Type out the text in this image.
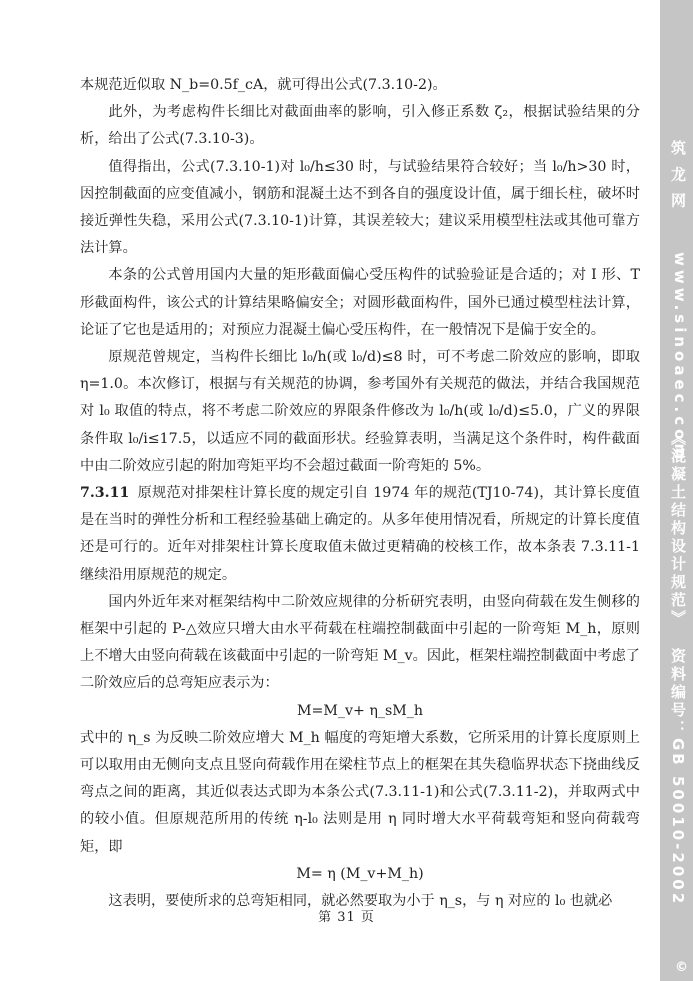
本规范近似取 N_b=0.5f_cA，就可得出公式(7.3.10-2)。

此外，为考虑构件长细比对截面曲率的影响，引入修正系数 ζ₂，根据试验结果的分析，给出了公式(7.3.10-3)。

值得指出，公式(7.3.10-1)对 l₀/h≤30 时，与试验结果符合较好；当 l₀/h>30 时，因控制截面的应变值减小，钢筋和混凝土达不到各自的强度设计值，属于细长柱，破坏时接近弹性失稳，采用公式(7.3.10-1)计算，其误差较大；建议采用模型柱法或其他可靠方法计算。

本条的公式曾用国内大量的矩形截面偏心受压构件的试验验证是合适的；对 I 形、T 形截面构件，该公式的计算结果略偏安全；对圆形截面构件，国外已通过模型柱法计算，论证了它也是适用的；对预应力混凝土偏心受压构件，在一般情况下是偏于安全的。

原规范曾规定，当构件长细比 l₀/h(或 l₀/d)≤8 时，可不考虑二阶效应的影响，即取 η=1.0。本次修订，根据与有关规范的协调，参考国外有关规范的做法，并结合我国规范对 l₀ 取值的特点，将不考虑二阶效应的界限条件修改为 l₀/h(或 l₀/d)≤5.0，广义的界限条件取 l₀/i≤17.5，以适应不同的截面形状。经验算表明，当满足这个条件时，构件截面中由二阶效应引起的附加弯矩平均不会超过截面一阶弯矩的 5%。

7.3.11 原规范对排架柱计算长度的规定引自 1974 年的规范(TJ10-74)，其计算长度值是在当时的弹性分析和工程经验基础上确定的。从多年使用情况看，所规定的计算长度值还是可行的。近年对排架柱计算长度取值未做过更精确的校核工作，故本条表 7.3.11-1 继续沿用原规范的规定。

国内外近年来对框架结构中二阶效应规律的分析研究表明，由竖向荷载在发生侧移的框架中引起的 P-△效应只增大由水平荷载在柱端控制截面中引起的一阶弯矩 M_h，原则上不增大由竖向荷载在该截面中引起的一阶弯矩 M_v。因此，框架柱端控制截面中考虑了二阶效应后的总弯矩应表示为：

M=M_v+ η_sM_h

式中的 η_s 为反映二阶效应增大 M_h 幅度的弯矩增大系数，它所采用的计算长度原则上可以取用由无侧向支点且竖向荷载作用在梁柱节点上的框架在其失稳临界状态下挠曲线反弯点之间的距离，其近似表达式即为本条公式(7.3.11-1)和公式(7.3.11-2)，并取两式中的较小值。但原规范所用的传统 η-l₀ 法则是用 η 同时增大水平荷载弯矩和竖向荷载弯矩，即

M= η (M_v+M_h)

这表明，要使所求的总弯矩相同，就必然要取为小于 η_s，与 η 对应的 l₀ 也就必

第 31 页
筑 龙 网
www.sinoaec.com
《混凝土结构设计规范》
资料编号：GB 50010-2002
©
